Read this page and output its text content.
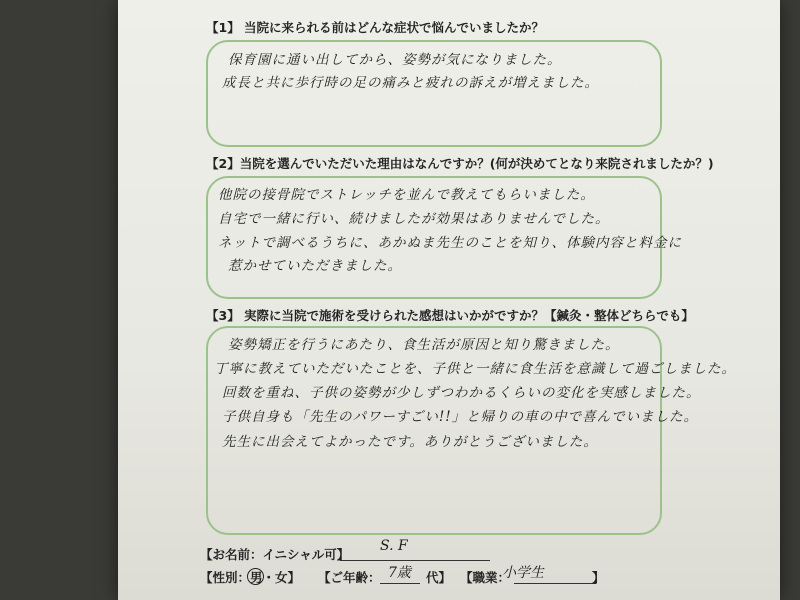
【1】 当院に来られる前はどんな症状で悩んでいましたか？
保育園に通い出してから、姿勢が気になりました。
成長と共に歩行時の足の痛みと疲れの訴えが増えました。
【2】当院を選んでいただいた理由はなんですか？(何が決めてとなり来院されましたか？)
他院の接骨院でストレッチを並んで教えてもらいました。
自宅で一緒に行い、続けましたが効果はありませんでした。
ネットで調べるうちに、あかぬま先生のことを知り、体験内容と料金に
惹かせていただきました。
【3】 実際に当院で施術を受けられた感想はいかがですか？【鍼灸・整体どちらでも】
姿勢矯正を行うにあたり、食生活が原因と知り驚きました。
丁寧に教えていただいたことを、子供と一緒に食生活を意識して過ごしました。
回数を重ね、子供の姿勢が少しずつわかるくらいの変化を実感しました。
子供自身も「先生のパワーすごい!!」と帰りの車の中で喜んでいました。
先生に出会えてよかったです。ありがとうございました。
【お名前：イニシャル可】
S. F
【性別：男
・女】 【ご年齢： 7歳 代】 【職業：
小学生	】
